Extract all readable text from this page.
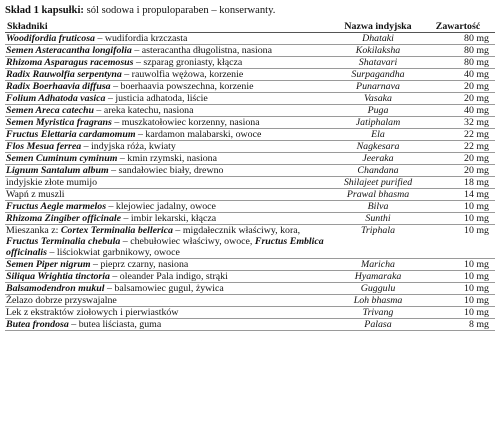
Skład 1 kapsułki: sól sodowa i propuloparaben – konserwanty.

Składniki	Nazwa indyjska	Zawartość
Woodifordia fruticosa – wudifordia krzczasta	Dhataki	80 mg
Semen Asteracantha longifolia – asteracantha długolistna, nasiona	Kokilaksha	80 mg
Rhizoma Asparagus racemosus – szparag groniasty, kłącza	Shatavari	80 mg
Radix Rauwolfia serpentyna – rauwolfia wężowa, korzenie	Surpagandha	40 mg
Radix Boerhaavia diffusa – boerhaavia powszechna, korzenie	Punarnava	20 mg
Folium Adhatoda vasica – justicia adhatoda, liście	Vasaka	20 mg
Semen Areca catechu – areka katechu, nasiona	Puga	40 mg
Semen Myristica fragrans – muszkatołowiec korzenny, nasiona	Jatiphalam	32 mg
Fructus Elettaria cardamomum – kardamon malabarski, owoce	Ela	22 mg
Flos Mesua ferrea – indyjska róża, kwiaty	Nagkesara	22 mg
Semen Cuminum cyminum – kmin rzymski, nasiona	Jeeraka	20 mg
Lignum Santalum album – sandałowiec biały, drewno	Chandana	20 mg
indyjskie złote mumijo	Shilajeet purified	18 mg
Wapń z muszli	Prawal bhasma	14 mg
Fructus Aegle marmelos – klejowiec jadalny, owoce	Bilva	10 mg
Rhizoma Zingiber officinale – imbir lekarski, kłącza	Sunthi	10 mg
Mieszanka z: Cortex Terminalia bellerica – migdałecznik właściwy, kora, Fructus Terminalia chebula – chebułowiec właściwy, owoce, Fructus Emblica officinalis – liściokwiat garbnikowy, owoce	Triphala	10 mg
Semen Piper nigrum – pieprz czarny, nasiona	Maricha	10 mg
Siliqua Wrightia tinctoria – oleander Pala indigo, strąki	Hyamaraka	10 mg
Balsamodendron mukul – balsamowiec gugul, żywica	Guggulu	10 mg
Żelazo dobrze przyswajalne	Loh bhasma	10 mg
Lek z ekstraktów ziołowych i pierwiastków	Trivang	10 mg
Butea frondosa – butea liściasta, guma	Palasa	8 mg
